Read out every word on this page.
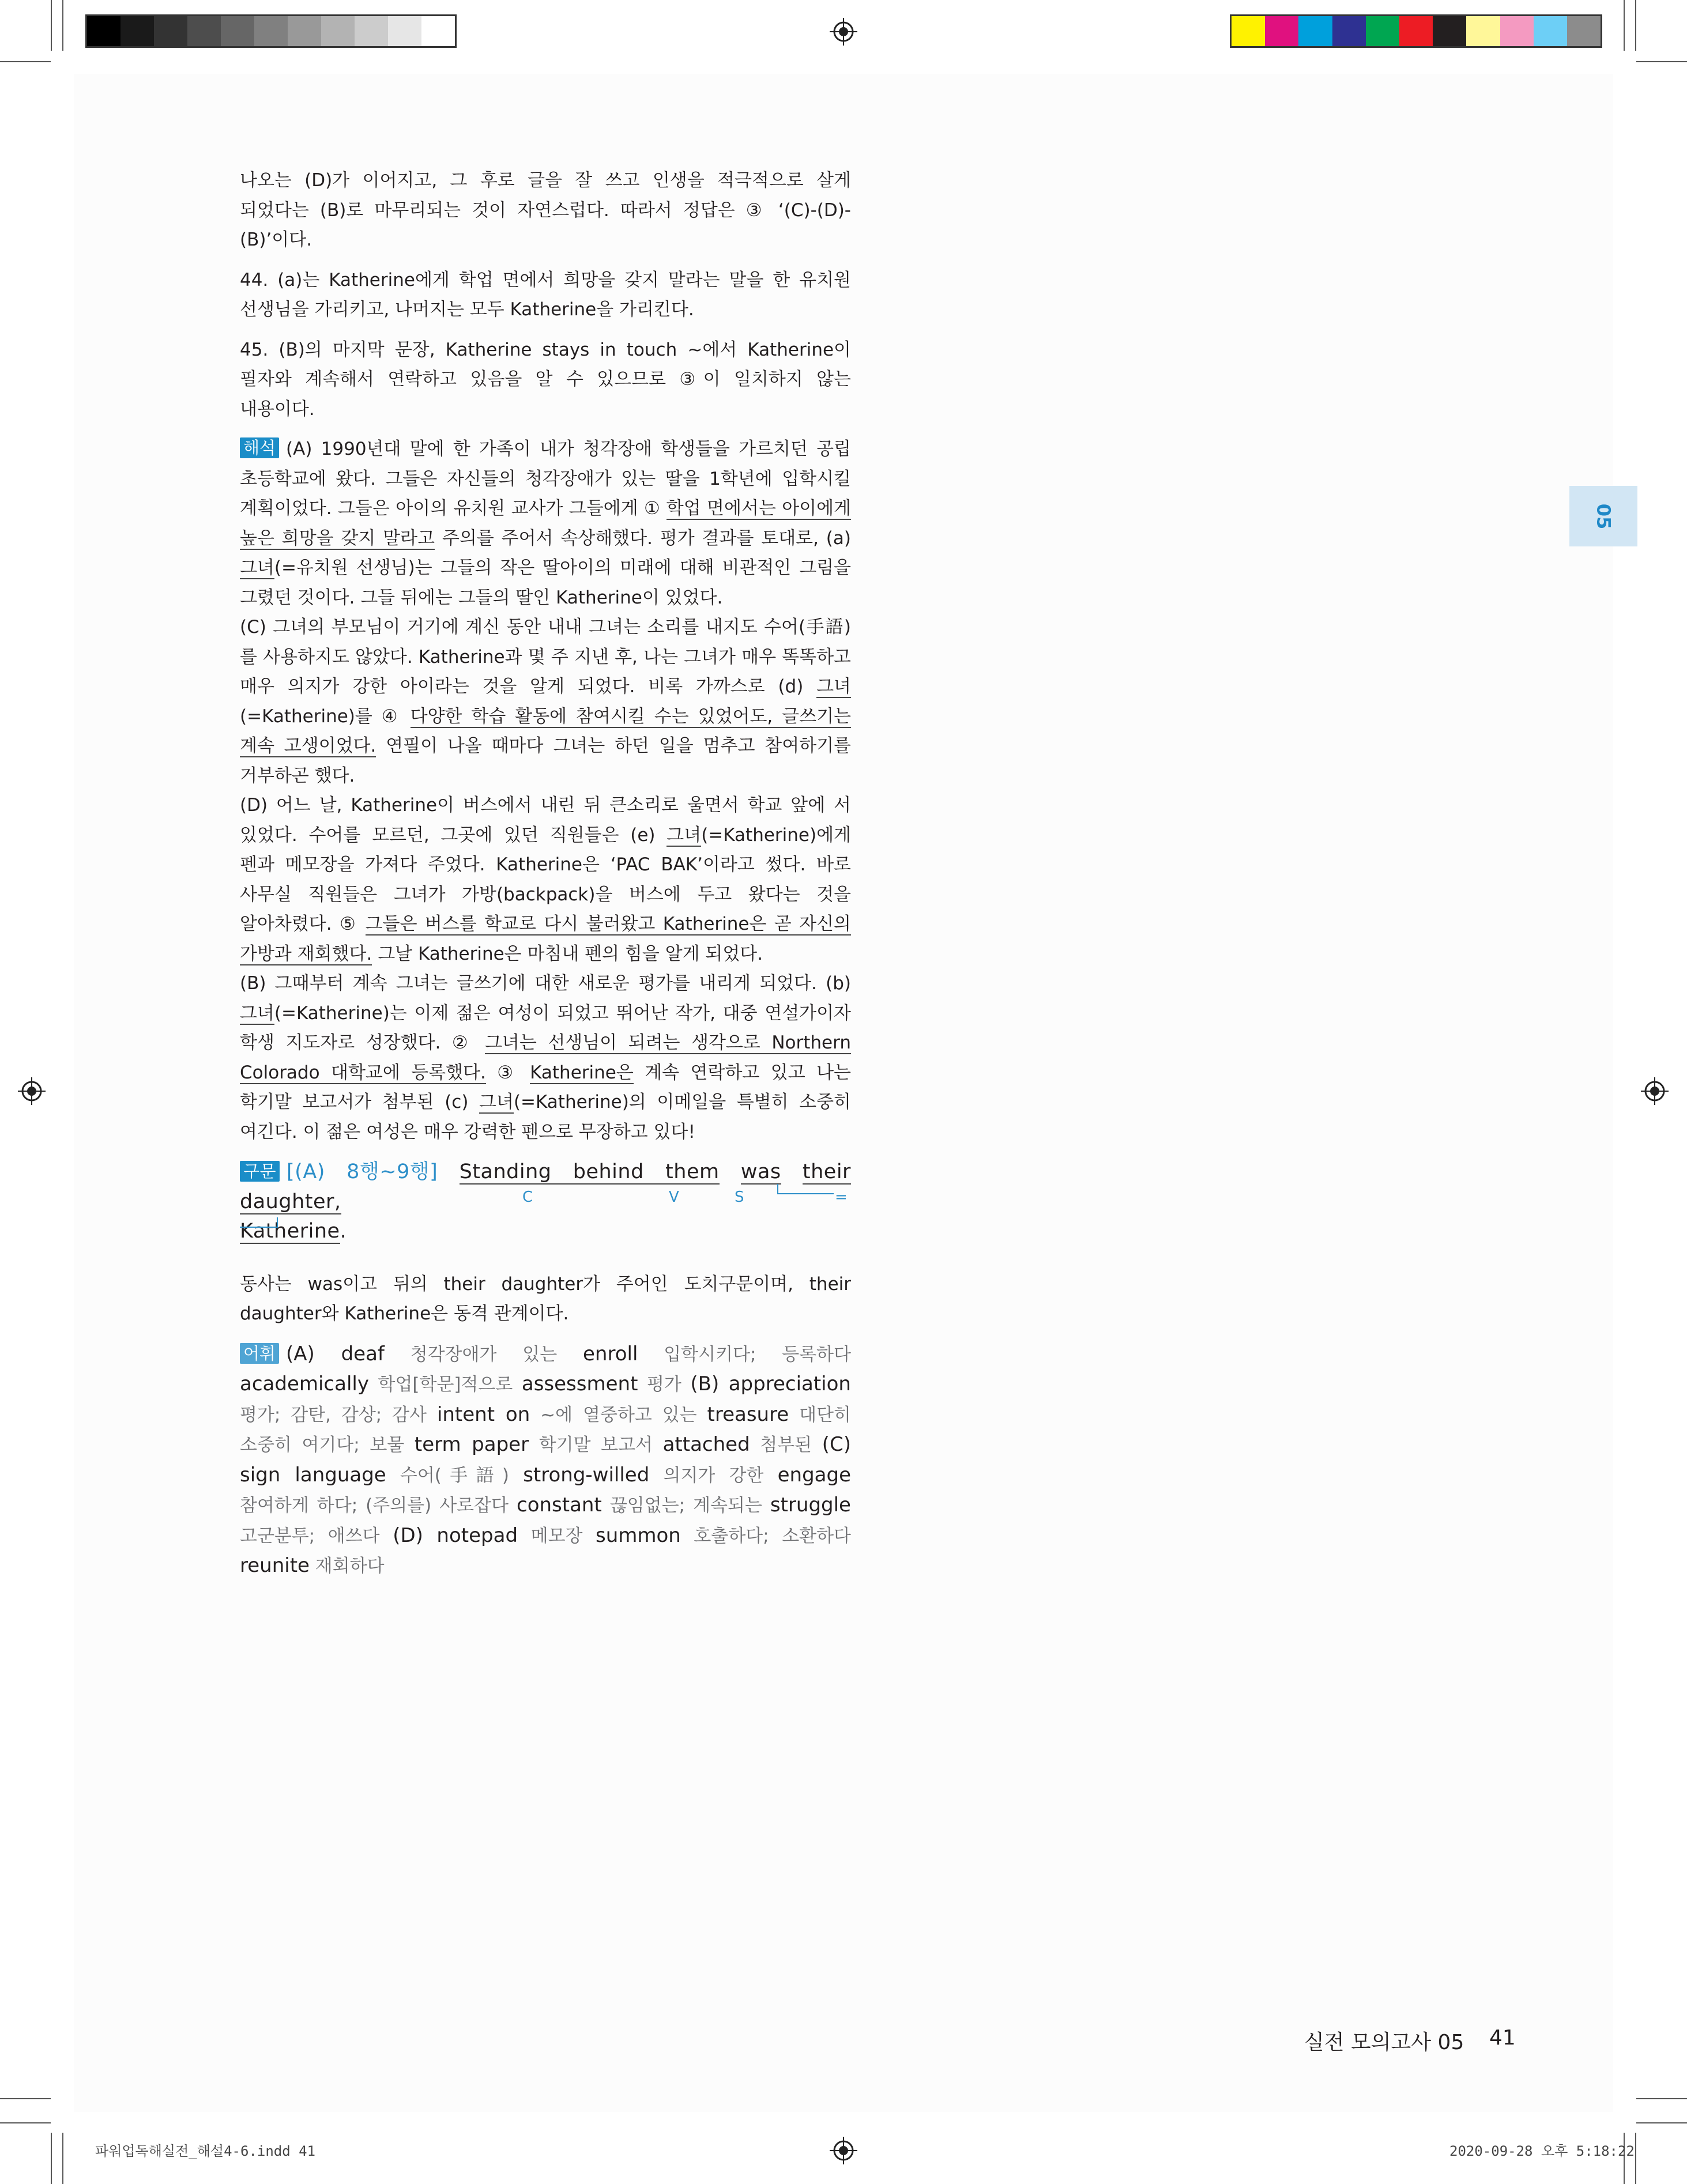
05

나오는 (D)가 이어지고, 그 후로 글을 잘 쓰고 인생을 적극적으로 살게 되었다는 (B)로 마무리되는 것이 자연스럽다. 따라서 정답은 ③ ‘(C)-(D)-(B)’이다.

44. (a)는 Katherine에게 학업 면에서 희망을 갖지 말라는 말을 한 유치원 선생님을 가리키고, 나머지는 모두 Katherine을 가리킨다.

45. (B)의 마지막 문장, Katherine stays in touch ~에서 Katherine이 필자와 계속해서 연락하고 있음을 알 수 있으므로 ③이 일치하지 않는 내용이다.

해석 (A) 1990년대 말에 한 가족이 내가 청각장애 학생들을 가르치던 공립 초등학교에 왔다. 그들은 자신들의 청각장애가 있는 딸을 1학년에 입학시킬 계획이었다. 그들은 아이의 유치원 교사가 그들에게 ① 학업 면에서는 아이에게 높은 희망을 갖지 말라고 주의를 주어서 속상해했다. 평가 결과를 토대로, (a) 그녀(=유치원 선생님)는 그들의 작은 딸아이의 미래에 대해 비관적인 그림을 그렸던 것이다. 그들 뒤에는 그들의 딸인 Katherine이 있었다.

(C) 그녀의 부모님이 거기에 계신 동안 내내 그녀는 소리를 내지도 수어(手語)를 사용하지도 않았다. Katherine과 몇 주 지낸 후, 나는 그녀가 매우 똑똑하고 매우 의지가 강한 아이라는 것을 알게 되었다. 비록 가까스로 (d) 그녀(=Katherine)를 ④ 다양한 학습 활동에 참여시킬 수는 있었어도, 글쓰기는 계속 고생이었다. 연필이 나올 때마다 그녀는 하던 일을 멈추고 참여하기를 거부하곤 했다.

(D) 어느 날, Katherine이 버스에서 내린 뒤 큰소리로 울면서 학교 앞에 서 있었다. 수어를 모르던, 그곳에 있던 직원들은 (e) 그녀(=Katherine)에게 펜과 메모장을 가져다 주었다. Katherine은 ‘PAC BAK’이라고 썼다. 바로 사무실 직원들은 그녀가 가방(backpack)을 버스에 두고 왔다는 것을 알아차렸다. ⑤ 그들은 버스를 학교로 다시 불러왔고 Katherine은 곧 자신의 가방과 재회했다. 그날 Katherine은 마침내 펜의 힘을 알게 되었다.

(B) 그때부터 계속 그녀는 글쓰기에 대한 새로운 평가를 내리게 되었다. (b) 그녀(=Katherine)는 이제 젊은 여성이 되었고 뛰어난 작가, 대중 연설가이자 학생 지도자로 성장했다. ② 그녀는 선생님이 되려는 생각으로 Northern Colorado 대학교에 등록했다. ③ Katherine은 계속 연락하고 있고 나는 학기말 보고서가 첨부된 (c) 그녀(=Katherine)의 이메일을 특별히 소중히 여긴다. 이 젊은 여성은 매우 강력한 펜으로 무장하고 있다!

구문 [(A) 8행~9행] Standing behind them was their daughter,
Katherine.
C	V	S	=

동사는 was이고 뒤의 their daughter가 주어인 도치구문이며, their daughter와 Katherine은 동격 관계이다.

어휘 (A) deaf 청각장애가 있는 enroll 입학시키다; 등록하다 academically 학업[학문]적으로 assessment 평가 (B) appreciation 평가; 감탄, 감상; 감사 intent on ~에 열중하고 있는 treasure 대단히 소중히 여기다; 보물 term paper 학기말 보고서 attached 첨부된 (C) sign language 수어(手語) strong-willed 의지가 강한 engage 참여하게 하다; (주의를) 사로잡다 constant 끊임없는; 계속되는 struggle 고군분투; 애쓰다 (D) notepad 메모장 summon 호출하다; 소환하다 reunite 재회하다

실전 모의고사 05 41
파워업독해실전_해설4-6.indd 41	2020-09-28 오후 5:18:22
